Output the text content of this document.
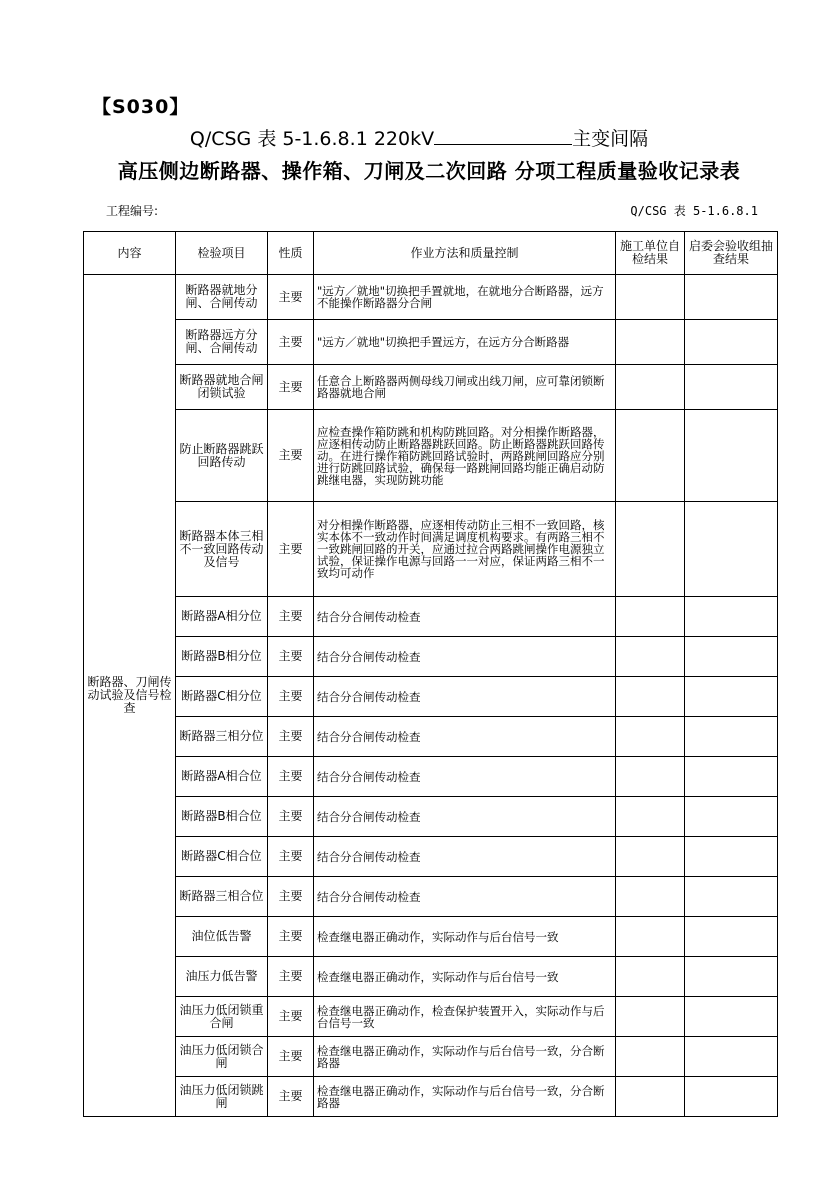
【S030】
Q/CSG 表 5-1.6.8.1 220kV	主变间隔
高压侧边断路器、操作箱、刀闸及二次回路 分项工程质量验收记录表
工程编号:	Q/CSG 表 5-1.6.8.1
内容	检验项目	性质	作业方法和质量控制	施工单位自检结果	启委会验收组抽查结果
断路器、刀闸传动试验及信号检查	断路器就地分闸、合闸传动	主要	"远方／就地"切换把手置就地，在就地分合断路器，远方不能操作断路器分合闸		
	断路器远方分闸、合闸传动	主要	"远方／就地"切换把手置远方，在远方分合断路器		
	断路器就地合闸闭锁试验	主要	任意合上断路器两侧母线刀闸或出线刀闸，应可靠闭锁断路器就地合闸		
	防止断路器跳跃回路传动	主要	应检查操作箱防跳和机构防跳回路。对分相操作断路器，应逐相传动防止断路器跳跃回路。防止断路器跳跃回路传动。在进行操作箱防跳回路试验时，两路跳闸回路应分别进行防跳回路试验，确保每一路跳闸回路均能正确启动防跳继电器，实现防跳功能		
	断路器本体三相不一致回路传动及信号	主要	对分相操作断路器，应逐相传动防止三相不一致回路，核实本体不一致动作时间满足调度机构要求。有两路三相不一致跳闸回路的开关，应通过拉合两路跳闸操作电源独立试验，保证操作电源与回路一一对应，保证两路三相不一致均可动作		
	断路器A相分位	主要	结合分合闸传动检查		
	断路器B相分位	主要	结合分合闸传动检查		
	断路器C相分位	主要	结合分合闸传动检查		
	断路器三相分位	主要	结合分合闸传动检查		
	断路器A相合位	主要	结合分合闸传动检查		
	断路器B相合位	主要	结合分合闸传动检查		
	断路器C相合位	主要	结合分合闸传动检查		
	断路器三相合位	主要	结合分合闸传动检查		
	油位低告警	主要	检查继电器正确动作，实际动作与后台信号一致		
	油压力低告警	主要	检查继电器正确动作，实际动作与后台信号一致		
	油压力低闭锁重合闸	主要	检查继电器正确动作，检查保护装置开入，实际动作与后台信号一致		
	油压力低闭锁合闸	主要	检查继电器正确动作，实际动作与后台信号一致，分合断路器		
	油压力低闭锁跳闸	主要	检查继电器正确动作，实际动作与后台信号一致，分合断路器		
